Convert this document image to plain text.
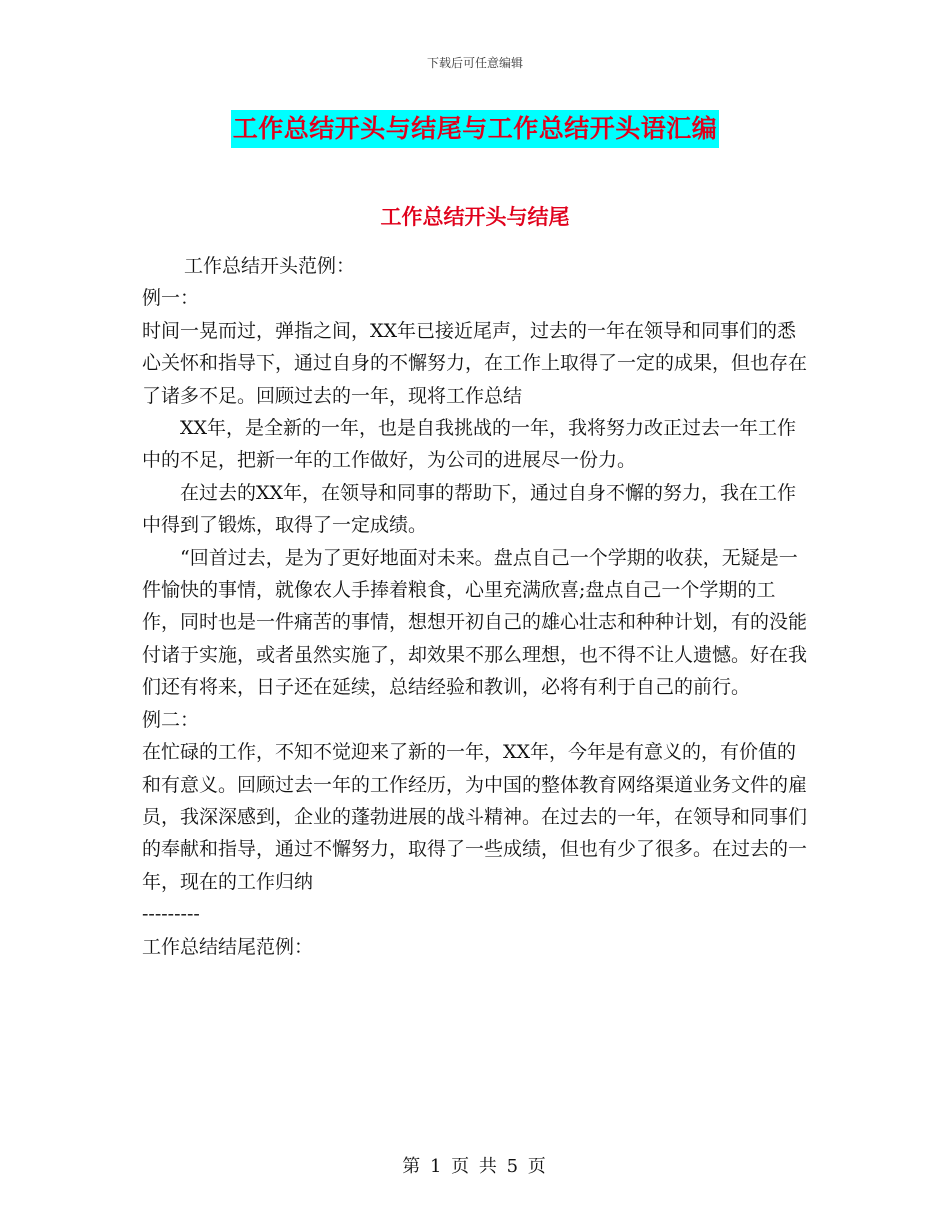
下载后可任意编辑
工作总结开头与结尾与工作总结开头语汇编
工作总结开头与结尾

工作总结开头范例：

例一：

时间一晃而过，弹指之间，XX年已接近尾声，过去的一年在领导和同事们的悉心关怀和指导下，通过自身的不懈努力，在工作上取得了一定的成果，但也存在了诸多不足。回顾过去的一年，现将工作总结

XX年，是全新的一年，也是自我挑战的一年，我将努力改正过去一年工作中的不足，把新一年的工作做好，为公司的进展尽一份力。

在过去的XX年，在领导和同事的帮助下，通过自身不懈的努力，我在工作中得到了锻炼，取得了一定成绩。

“回首过去，是为了更好地面对未来。盘点自己一个学期的收获，无疑是一件愉快的事情，就像农人手捧着粮食，心里充满欣喜;盘点自己一个学期的工作，同时也是一件痛苦的事情，想想开初自己的雄心壮志和种种计划，有的没能付诸于实施，或者虽然实施了，却效果不那么理想，也不得不让人遗憾。好在我们还有将来，日子还在延续，总结经验和教训，必将有利于自己的前行。

例二：

在忙碌的工作，不知不觉迎来了新的一年，XX年，今年是有意义的，有价值的和有意义。回顾过去一年的工作经历，为中国的整体教育网络渠道业务文件的雇员，我深深感到，企业的蓬勃进展的战斗精神。在过去的一年，在领导和同事们的奉献和指导，通过不懈努力，取得了一些成绩，但也有少了很多。在过去的一年，现在的工作归纳

---------

工作总结结尾范例：

第 1 页 共 5 页
